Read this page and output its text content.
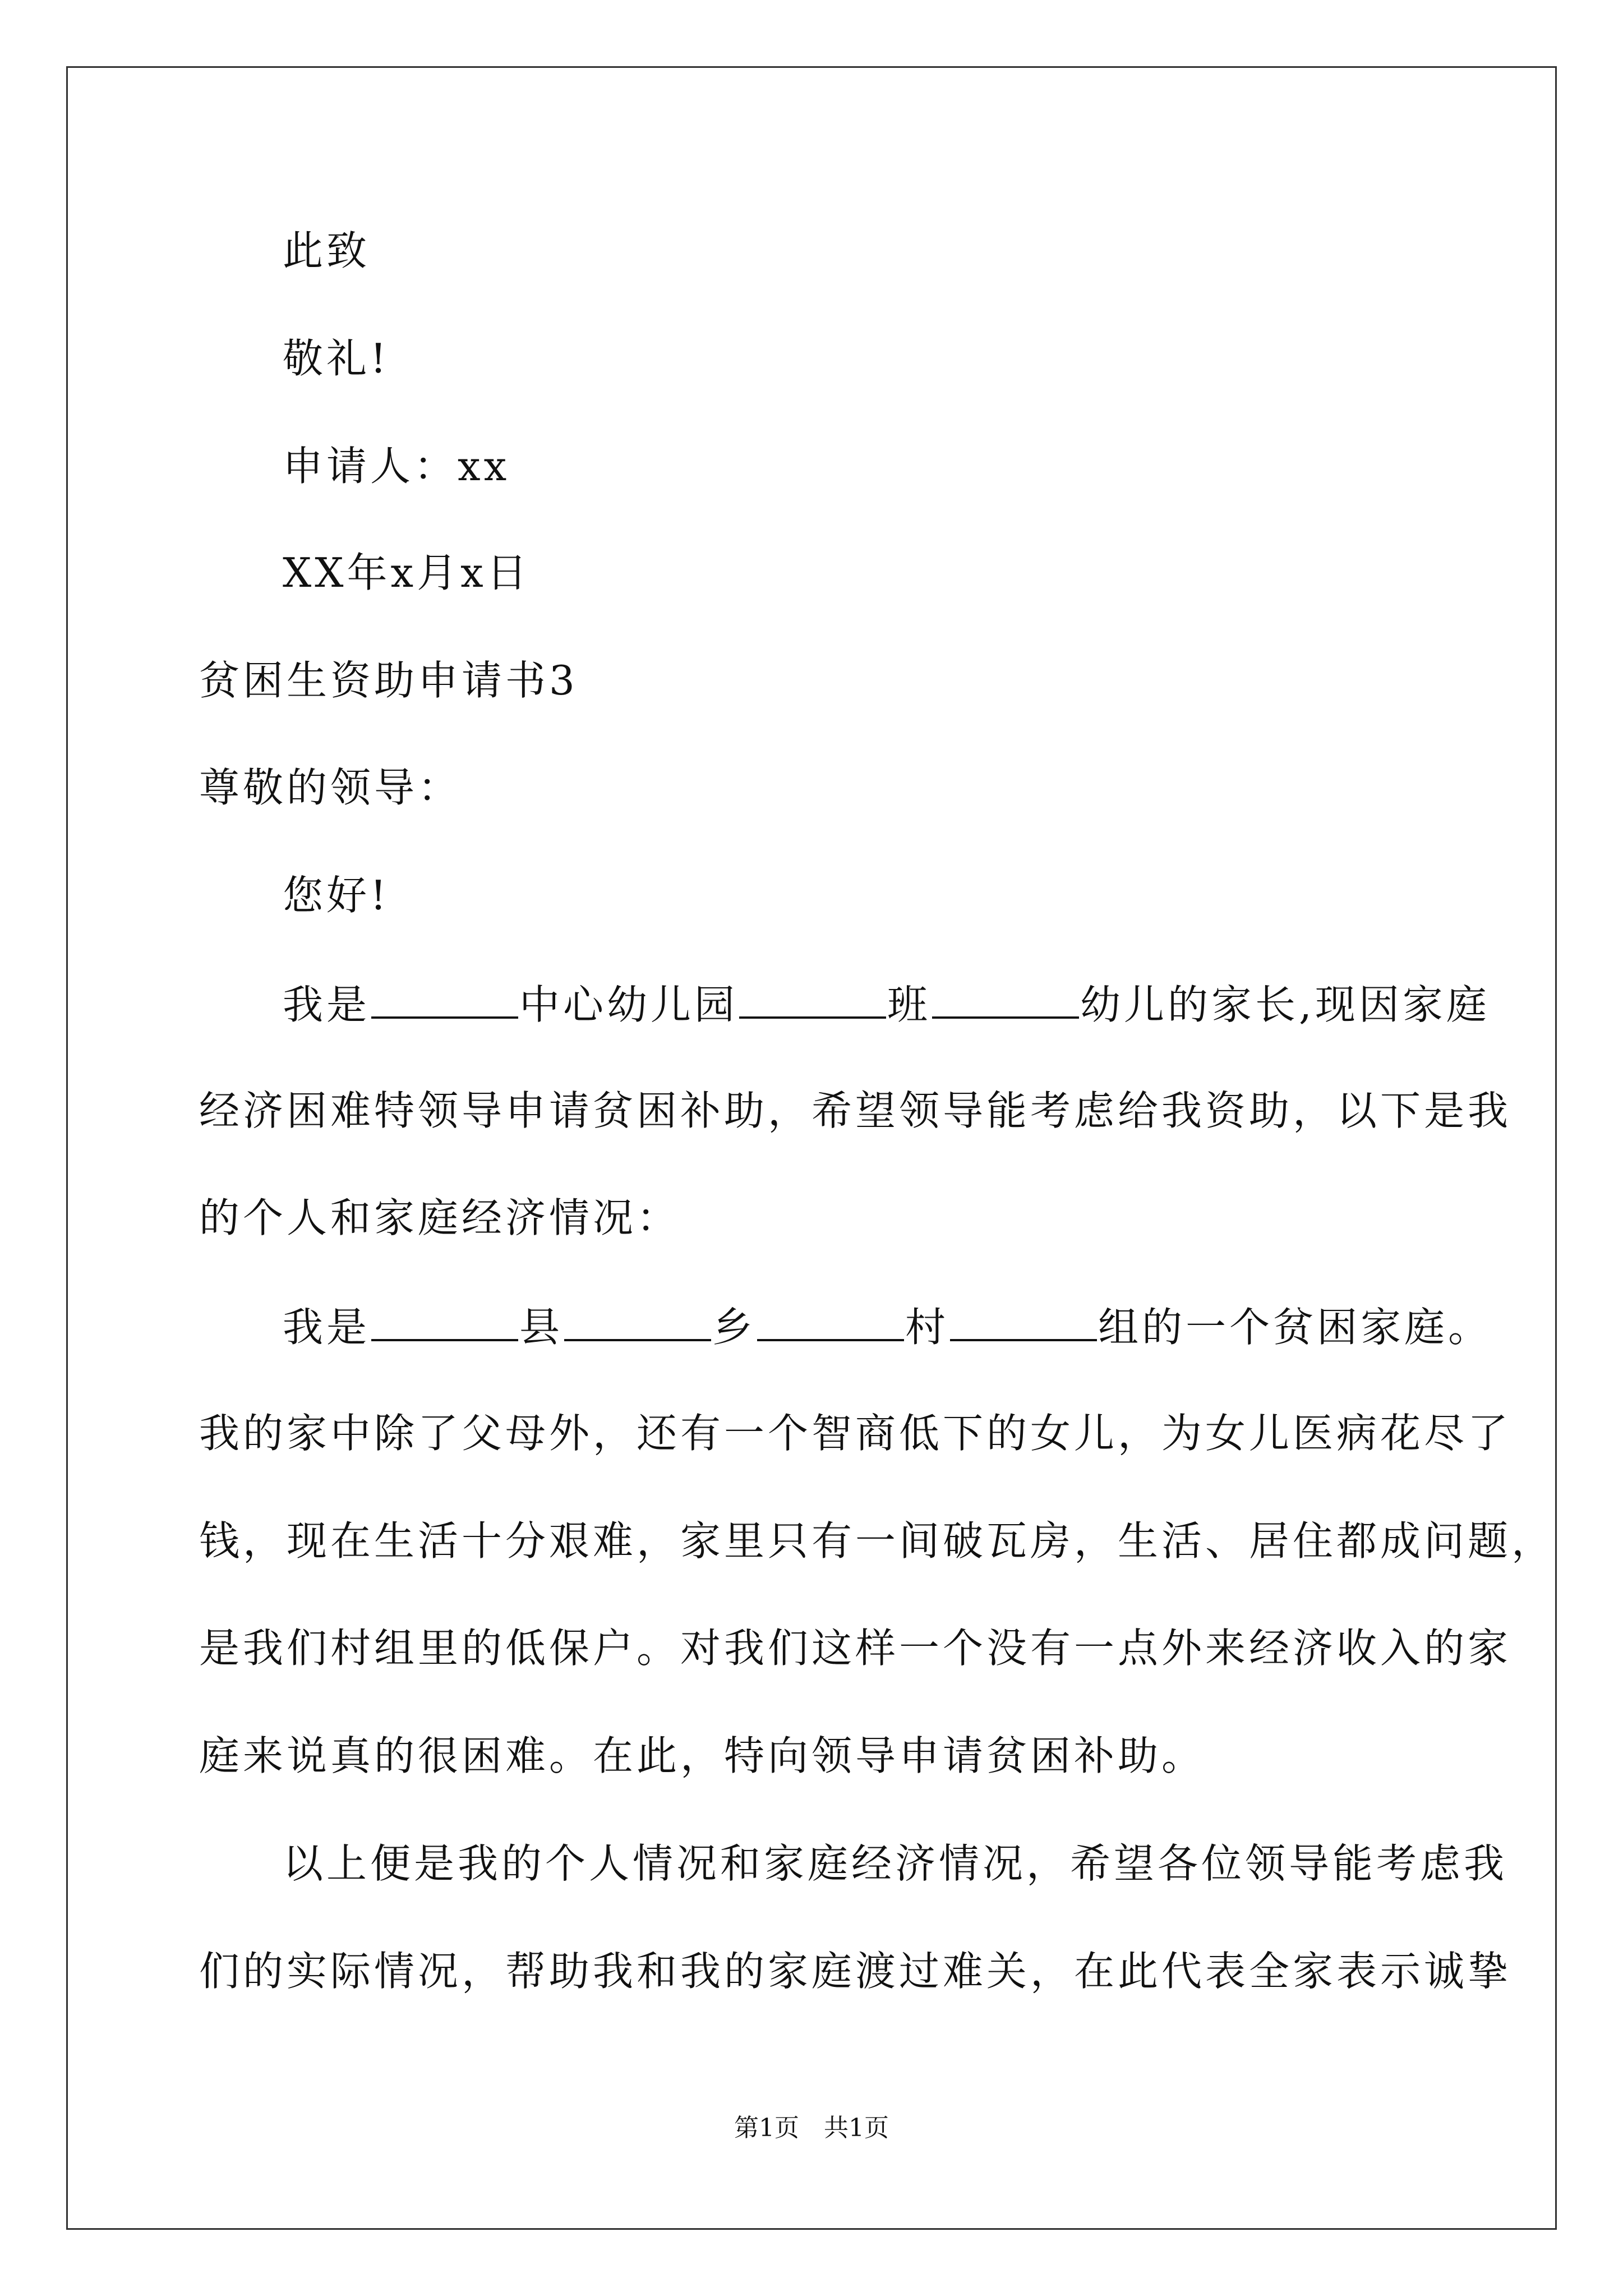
此致
敬礼!
申请人：xx
XX年x月x日
贫困生资助申请书3
尊敬的领导：
您好!
我是	中心幼儿园	班	幼儿的家长,现因家庭
经济困难特领导申请贫困补助，希望领导能考虑给我资助，以下是我
的个人和家庭经济情况：
我是	县	乡	村	组的一个贫困家庭。
我的家中除了父母外，还有一个智商低下的女儿，为女儿医病花尽了
钱，现在生活十分艰难，家里只有一间破瓦房，生活、居住都成问题，
是我们村组里的低保户。对我们这样一个没有一点外来经济收入的家
庭来说真的很困难。在此，特向领导申请贫困补助。
以上便是我的个人情况和家庭经济情况，希望各位领导能考虑我
们的实际情况，帮助我和我的家庭渡过难关，在此代表全家表示诚挚
第1页　共1页
